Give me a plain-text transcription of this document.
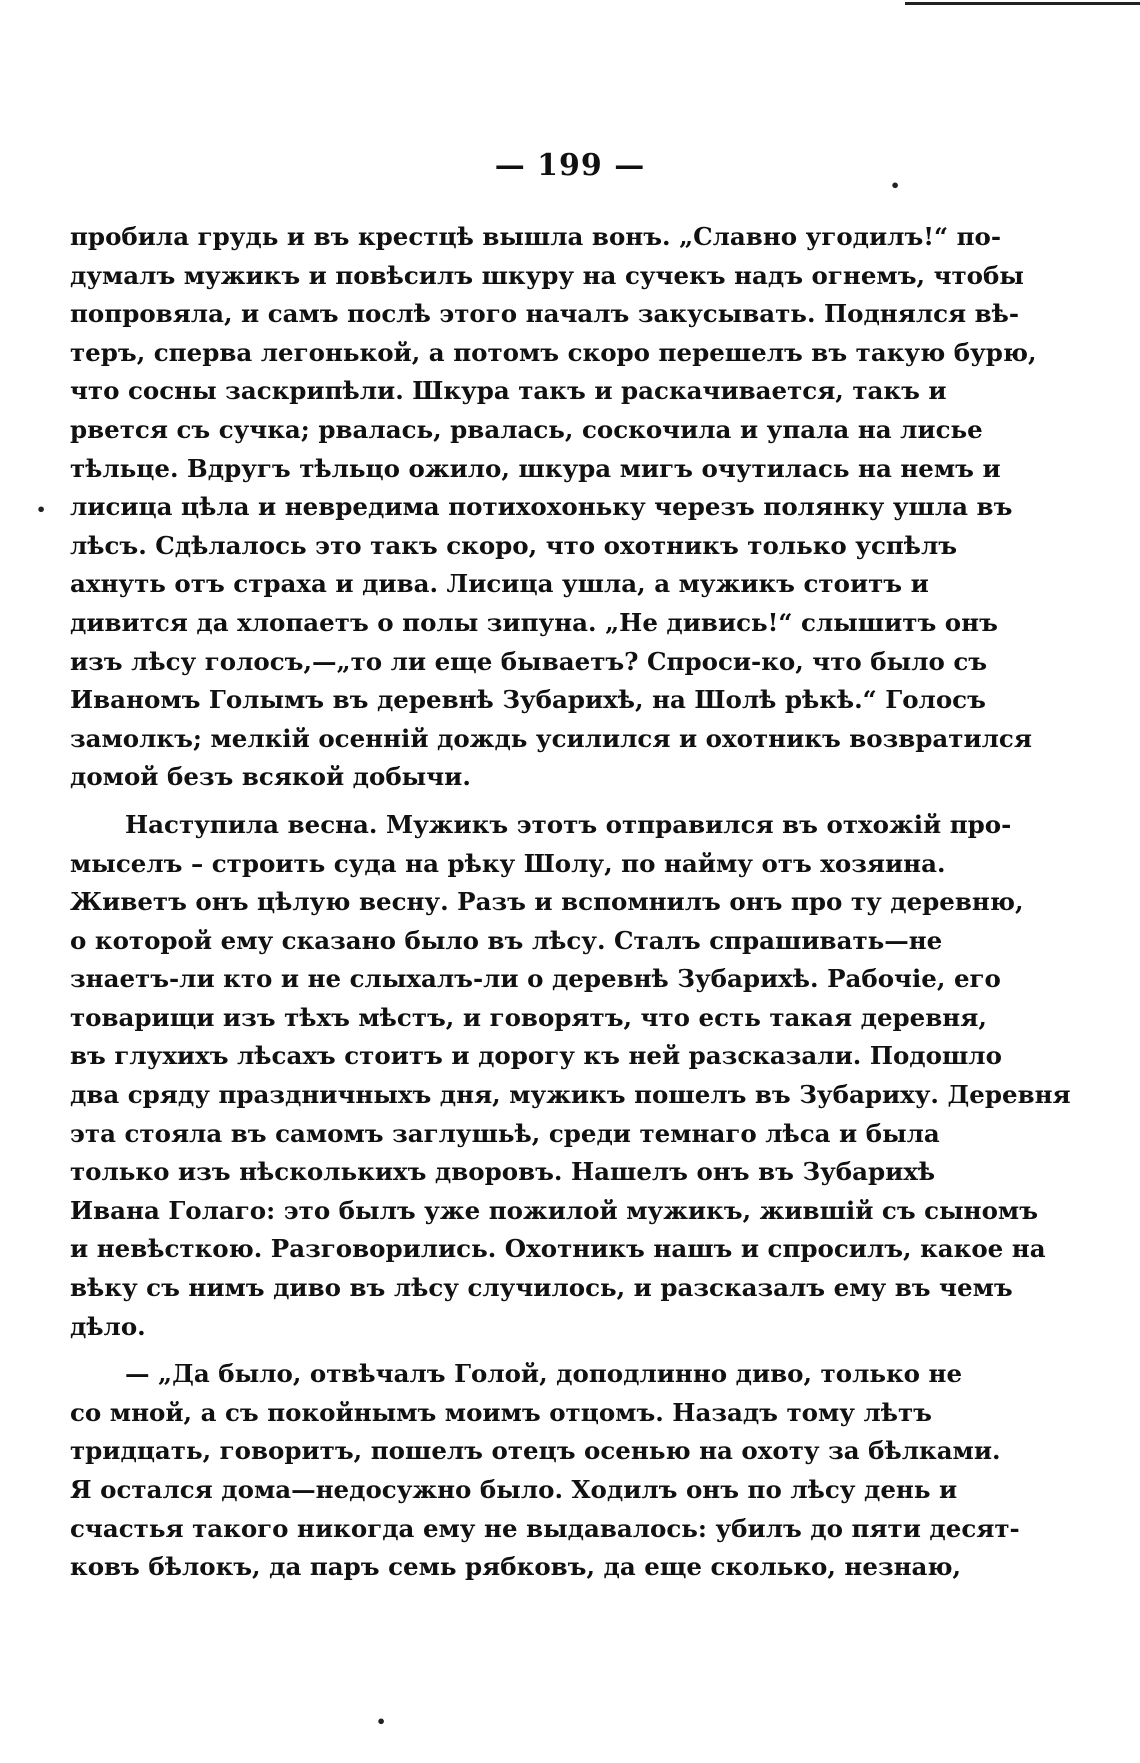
— 199 —
•
•
•
пробила грудь и въ крестцѣ вышла вонъ. „Славно угодилъ!“ по-
думалъ мужикъ и повѣсилъ шкуру на сучекъ надъ огнемъ, чтобы
попровяла, и самъ послѣ этого началъ закусывать. Поднялся вѣ-
теръ, сперва легонькой, а потомъ скоро перешелъ въ такую бурю,
что сосны заскрипѣли. Шкура такъ и раскачивается, такъ и
рвется съ сучка; рвалась, рвалась, соскочила и упала на лисье
тѣльце. Вдругъ тѣльцо ожило, шкура мигъ очутилась на немъ и
лисица цѣла и невредима потихохоньку черезъ полянку ушла въ
лѣсъ. Сдѣлалось это такъ скоро, что охотникъ только успѣлъ
ахнуть отъ страха и дива. Лисица ушла, а мужикъ стоитъ и
дивится да хлопаетъ о полы зипуна. „Не дивись!“ слышитъ онъ
изъ лѣсу голосъ,—„то ли еще бываетъ? Спроси-ко, что было съ
Иваномъ Голымъ въ деревнѣ Зубарихѣ, на Шолѣ рѣкѣ.“ Голосъ
замолкъ; мелкій осенній дождь усилился и охотникъ возвратился
домой безъ всякой добычи.
Наступила весна. Мужикъ этотъ отправился въ отхожій про-
мыселъ – строить суда на рѣку Шолу, по найму отъ хозяина.
Живетъ онъ цѣлую весну. Разъ и вспомнилъ онъ про ту деревню,
о которой ему сказано было въ лѣсу. Сталъ спрашивать—не
знаетъ-ли кто и не слыхалъ-ли о деревнѣ Зубарихѣ. Рабочіе, его
товарищи изъ тѣхъ мѣстъ, и говорятъ, что есть такая деревня,
въ глухихъ лѣсахъ стоитъ и дорогу къ ней разсказали. Подошло
два сряду праздничныхъ дня, мужикъ пошелъ въ Зубариху. Деревня
эта стояла въ самомъ заглушьѣ, среди темнаго лѣса и была
только изъ нѣсколькихъ дворовъ. Нашелъ онъ въ Зубарихѣ
Ивана Голаго: это былъ уже пожилой мужикъ, жившій съ сыномъ
и невѣсткою. Разговорились. Охотникъ нашъ и спросилъ, какое на
вѣку съ нимъ диво въ лѣсу случилось, и разсказалъ ему въ чемъ
дѣло.
— „Да было, отвѣчалъ Голой, доподлинно диво, только не
со мной, а съ покойнымъ моимъ отцомъ. Назадъ тому лѣтъ
тридцать, говоритъ, пошелъ отецъ осенью на охоту за бѣлками.
Я остался дома—недосужно было. Ходилъ онъ по лѣсу день и
счастья такого никогда ему не выдавалось: убилъ до пяти десят-
ковъ бѣлокъ, да паръ семь рябковъ, да еще сколько, незнаю,
